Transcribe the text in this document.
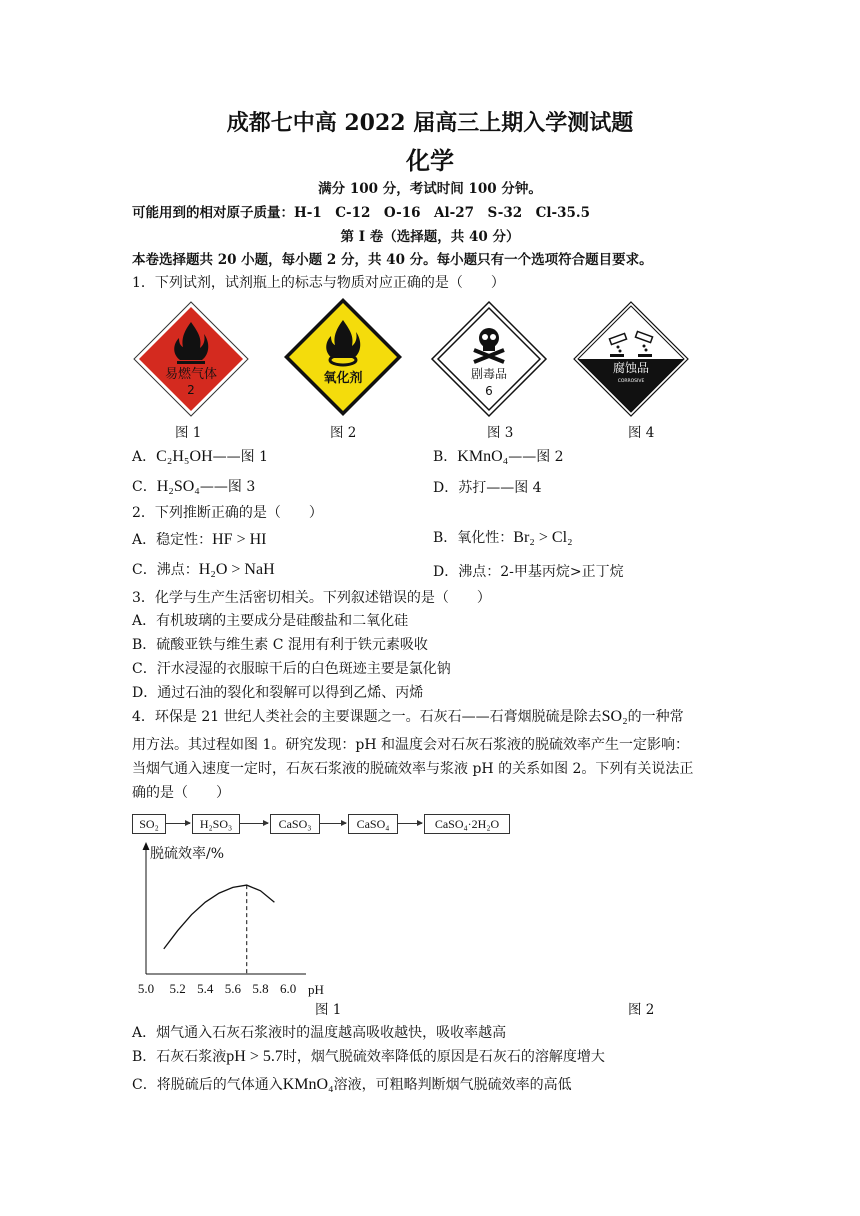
成都七中高 2022 届高三上期入学测试题
化学
满分 100 分，考试时间 100 分钟。
可能用到的相对原子质量：H-1　C-12　O-16　Al-27　S-32　Cl-35.5
第 Ⅰ 卷（选择题，共 40 分）
本卷选择题共 20 小题，每小题 2 分，共 40 分。每小题只有一个选项符合题目要求。
1．下列试剂，试剂瓶上的标志与物质对应正确的是（　　）
易燃气体
2
氧化剂	剧毒品
6
腐蚀品
CORROSIVE
图 1	图 2	图 3	图 4
A．C₂H₅OH——图 1	B．KMnO₄——图 2
C．H₂SO₄——图 3	D．苏打——图 4
2．下列推断正确的是（　　）
A．稳定性：HF > HI	B．氧化性：Br₂ > Cl₂
C．沸点：H₂O > NaH	D．沸点：2-甲基丙烷>正丁烷
3．化学与生产生活密切相关。下列叙述错误的是（　　）
A．有机玻璃的主要成分是硅酸盐和二氧化硅
B．硫酸亚铁与维生素 C 混用有利于铁元素吸收
C．汗水浸湿的衣服晾干后的白色斑迹主要是氯化钠
D．通过石油的裂化和裂解可以得到乙烯、丙烯
4．环保是 21 世纪人类社会的主要课题之一。石灰石——石膏烟脱硫是除去SO₂的一种常
用方法。其过程如图 1。研究发现：pH 和温度会对石灰石浆液的脱硫效率产生一定影响：
当烟气通入速度一定时，石灰石浆液的脱硫效率与浆液 pH 的关系如图 2。下列有关说法正
确的是（　　）
SO₂	H₂SO₃	CaSO₃	CaSO₄	CaSO₄·2H₂O
脱硫效率/%
pH
5.0 5.2 5.4 5.6 5.8 6.0
图 1	图 2
A．烟气通入石灰石浆液时的温度越高吸收越快，吸收率越高
B．石灰石浆液pH > 5.7时，烟气脱硫效率降低的原因是石灰石的溶解度增大
C．将脱硫后的气体通入KMnO₄溶液，可粗略判断烟气脱硫效率的高低
